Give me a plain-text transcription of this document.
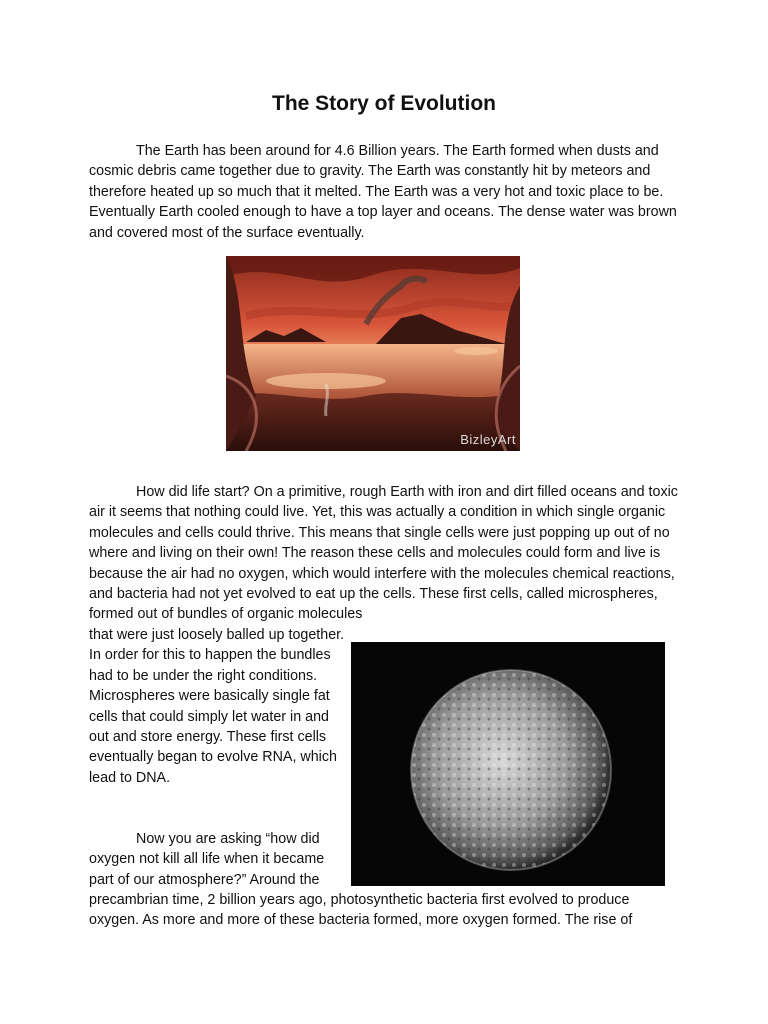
The Story of Evolution

The Earth has been around for 4.6 Billion years. The Earth formed when dusts and cosmic debris came together due to gravity. The Earth was constantly hit by meteors and therefore heated up so much that it melted. The Earth was a very hot and toxic place to be. Eventually Earth cooled enough to have a top layer and oceans. The dense water was brown and covered most of the surface eventually.

BizleyArt

How did life start? On a primitive, rough Earth with iron and dirt filled oceans and toxic air it seems that nothing could live. Yet, this was actually a condition in which single organic molecules and cells could thrive. This means that single cells were just popping up out of no where and living on their own! The reason these cells and molecules could form and live is because the air had no oxygen, which would interfere with the molecules chemical reactions, and bacteria had not yet evolved to eat up the cells. These first cells, called microspheres, formed out of bundles of organic molecules

that were just loosely balled up together. In order for this to happen the bundles had to be under the right conditions. Microspheres were basically single fat cells that could simply let water in and out and store energy. These first cells eventually began to evolve RNA, which lead to DNA.

Now you are asking “how did oxygen not kill all life when it became part of our atmosphere?” Around the

precambrian time, 2 billion years ago, photosynthetic bacteria first evolved to produce oxygen. As more and more of these bacteria formed, more oxygen formed. The rise of
